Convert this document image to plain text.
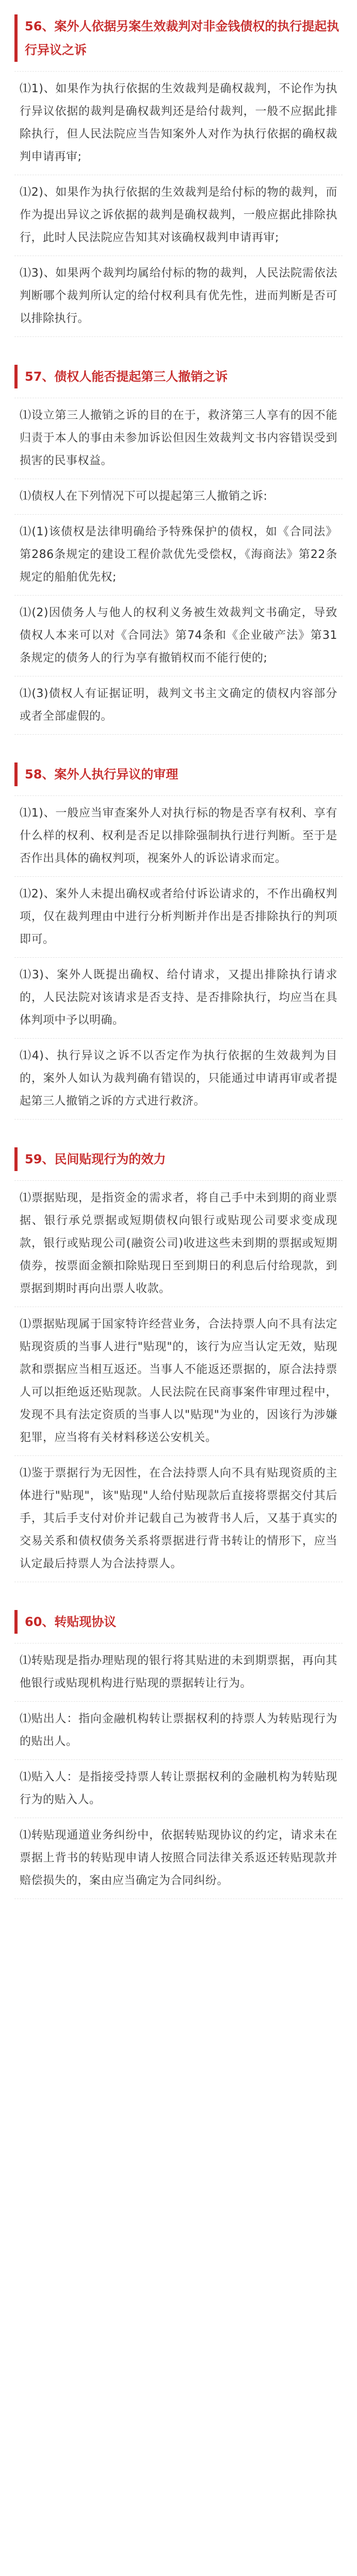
56、案外人依据另案生效裁判对非金钱债权的执行提起执行异议之诉

⑴1)、如果作为执行依据的生效裁判是确权裁判，不论作为执行异议依据的裁判是确权裁判还是给付裁判，一般不应据此排除执行，但人民法院应当告知案外人对作为执行依据的确权裁判申请再审;

⑴2)、如果作为执行依据的生效裁判是给付标的物的裁判，而作为提出异议之诉依据的裁判是确权裁判，一般应据此排除执行，此时人民法院应告知其对该确权裁判申请再审;

⑴3)、如果两个裁判均属给付标的物的裁判，人民法院需依法判断哪个裁判所认定的给付权利具有优先性，进而判断是否可以排除执行。

57、债权人能否提起第三人撤销之诉

⑴设立第三人撤销之诉的目的在于，救济第三人享有的因不能归责于本人的事由未参加诉讼但因生效裁判文书内容错误受到损害的民事权益。

⑴债权人在下列情况下可以提起第三人撤销之诉:

⑴(1)该债权是法律明确给予特殊保护的债权，如《合同法》第286条规定的建设工程价款优先受偿权，《海商法》第22条规定的船舶优先权;

⑴(2)因债务人与他人的权利义务被生效裁判文书确定，导致债权人本来可以对《合同法》第74条和《企业破产法》第31条规定的债务人的行为享有撤销权而不能行使的;

⑴(3)债权人有证据证明，裁判文书主文确定的债权内容部分或者全部虚假的。

58、案外人执行异议的审理

⑴1)、一般应当审查案外人对执行标的物是否享有权利、享有什么样的权利、权利是否足以排除强制执行进行判断。至于是否作出具体的确权判项，视案外人的诉讼请求而定。

⑴2)、案外人未提出确权或者给付诉讼请求的，不作出确权判项，仅在裁判理由中进行分析判断并作出是否排除执行的判项即可。

⑴3)、案外人既提出确权、给付请求，又提出排除执行请求的，人民法院对该请求是否支持、是否排除执行，均应当在具体判项中予以明确。

⑴4)、执行异议之诉不以否定作为执行依据的生效裁判为目的，案外人如认为裁判确有错误的，只能通过申请再审或者提起第三人撤销之诉的方式进行救济。

59、民间贴现行为的效力

⑴票据贴现，是指资金的需求者，将自己手中未到期的商业票据、银行承兑票据或短期债权向银行或贴现公司要求变成现款，银行或贴现公司(融资公司)收进这些未到期的票据或短期债券，按票面金额扣除贴现日至到期日的利息后付给现款，到票据到期时再向出票人收款。

⑴票据贴现属于国家特许经营业务，合法持票人向不具有法定贴现资质的当事人进行"贴现"的，该行为应当认定无效，贴现款和票据应当相互返还。当事人不能返还票据的，原合法持票人可以拒绝返还贴现款。人民法院在民商事案件审理过程中，发现不具有法定资质的当事人以"贴现"为业的，因该行为涉嫌犯罪，应当将有关材料移送公安机关。

⑴鉴于票据行为无因性，在合法持票人向不具有贴现资质的主体进行"贴现"，该"贴现"人给付贴现款后直接将票据交付其后手，其后手支付对价并记载自己为被背书人后，又基于真实的交易关系和债权债务关系将票据进行背书转让的情形下，应当认定最后持票人为合法持票人。

60、转贴现协议

⑴转贴现是指办理贴现的银行将其贴进的未到期票据，再向其他银行或贴现机构进行贴现的票据转让行为。

⑴贴出人：指向金融机构转让票据权利的持票人为转贴现行为的贴出人。

⑴贴入人：是指接受持票人转让票据权利的金融机构为转贴现行为的贴入人。

⑴转贴现通道业务纠纷中，依据转贴现协议的约定，请求未在票据上背书的转贴现申请人按照合同法律关系返还转贴现款并赔偿损失的，案由应当确定为合同纠纷。
